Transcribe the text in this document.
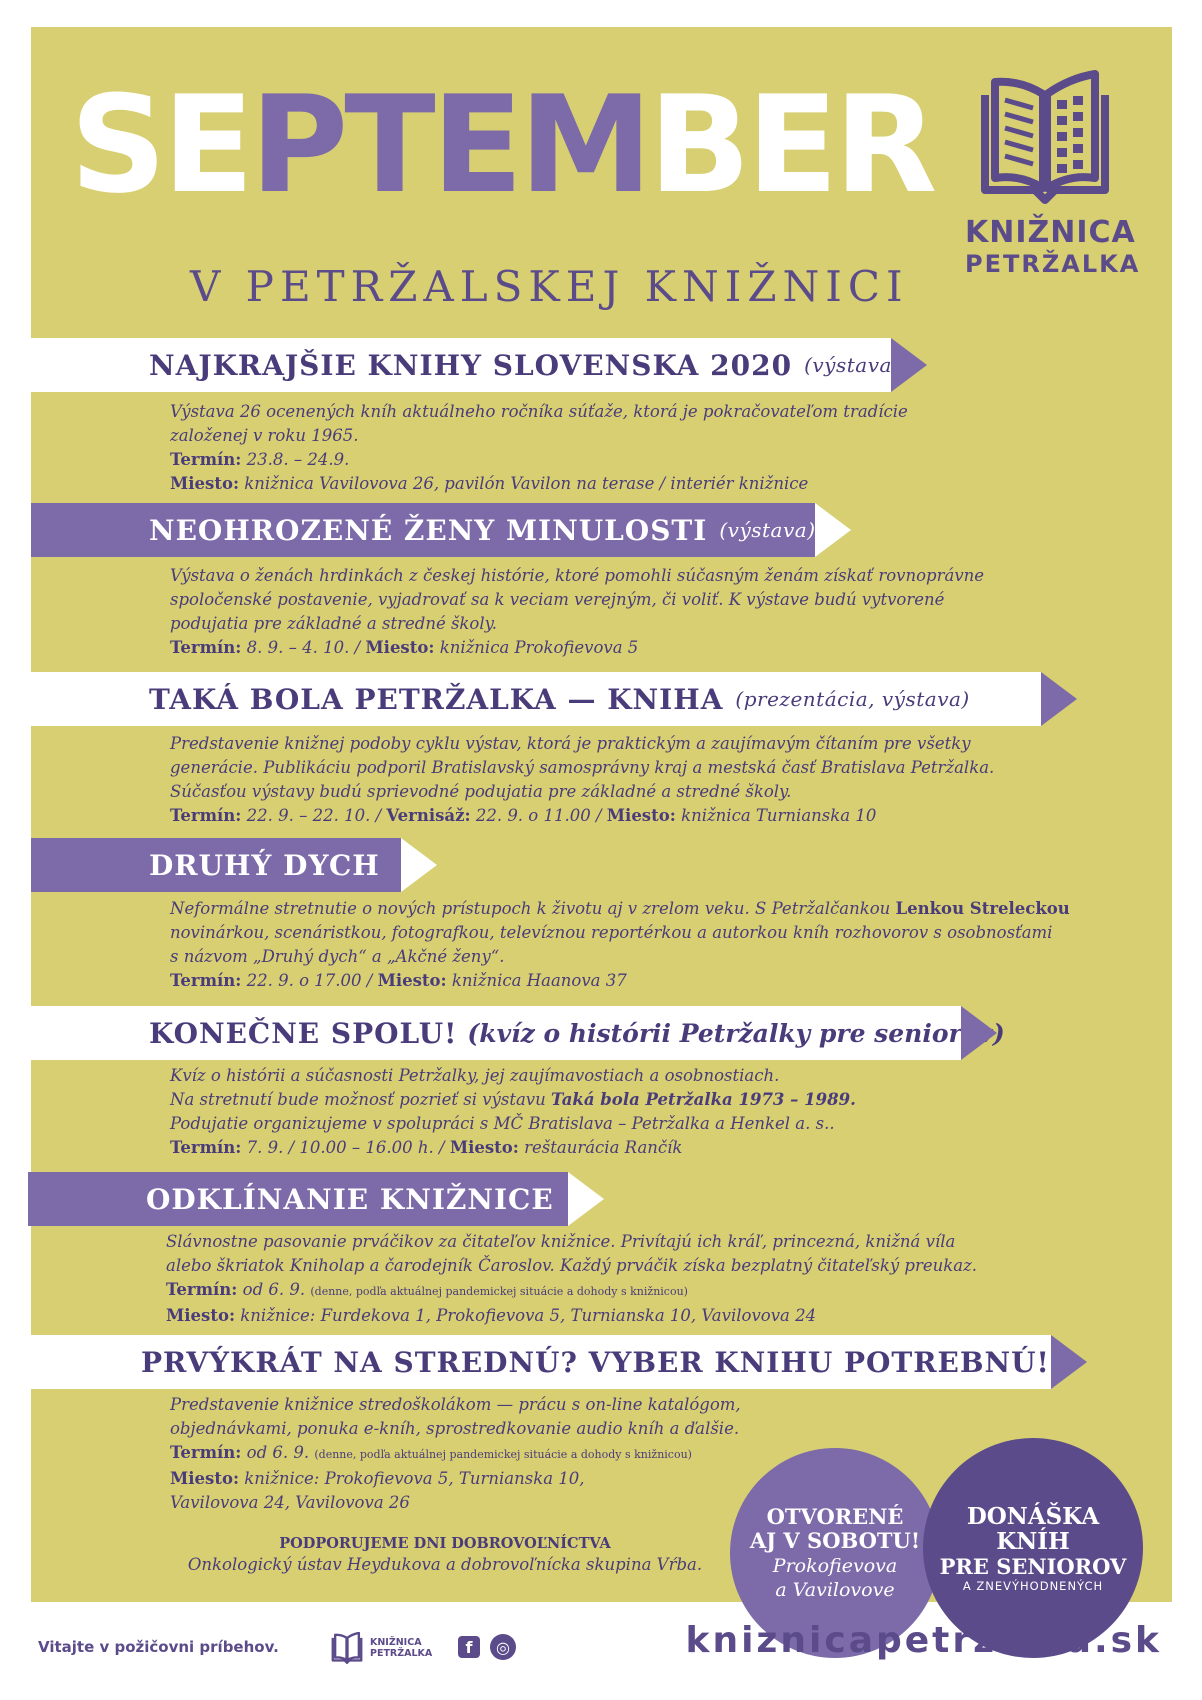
SEPTEMBER
V PETRŽALSKEJ KNIŽNICI
KNIŽNICA
PETRŽALKA
NAJKRAJŠIE KNIHY SLOVENSKA 2020 (výstava)
Výstava 26 ocenených kníh aktuálneho ročníka súťaže, ktorá je pokračovateľom tradície
založenej v roku 1965.
Termín: 23.8. – 24.9.
Miesto: knižnica Vavilovova 26, pavilón Vavilon na terase / interiér knižnice
NEOHROZENÉ ŽENY MINULOSTI (výstava)
Výstava o ženách hrdinkách z českej histórie, ktoré pomohli súčasným ženám získať rovnoprávne
spoločenské postavenie, vyjadrovať sa k veciam verejným, či voliť. K výstave budú vytvorené
podujatia pre základné a stredné školy.
Termín: 8. 9. – 4. 10. / Miesto: knižnica Prokofievova 5
TAKÁ BOLA PETRŽALKA — KNIHA (prezentácia, výstava)
Predstavenie knižnej podoby cyklu výstav, ktorá je praktickým a zaujímavým čítaním pre všetky
generácie. Publikáciu podporil Bratislavský samosprávny kraj a mestská časť Bratislava Petržalka.
Súčasťou výstavy budú sprievodné podujatia pre základné a stredné školy.
Termín: 22. 9. – 22. 10. / Vernisáž: 22. 9. o 11.00 / Miesto: knižnica Turnianska 10
DRUHÝ DYCH
Neformálne stretnutie o nových prístupoch k životu aj v zrelom veku. S Petržalčankou Lenkou Streleckou
novinárkou, scenáristkou, fotografkou, televíznou reportérkou a autorkou kníh rozhovorov s osobnosťami
s názvom „Druhý dych“ a „Akčné ženy“.
Termín: 22. 9. o 17.00 / Miesto: knižnica Haanova 37
KONEČNE SPOLU! (kvíz o histórii Petržalky pre seniorov)
Kvíz o histórii a súčasnosti Petržalky, jej zaujímavostiach a osobnostiach.
Na stretnutí bude možnosť pozrieť si výstavu Taká bola Petržalka 1973 – 1989.
Podujatie organizujeme v spolupráci s MČ Bratislava – Petržalka a Henkel a. s..
Termín: 7. 9. / 10.00 – 16.00 h. / Miesto: reštaurácia Rančík
ODKLÍNANIE KNIŽNICE
Slávnostne pasovanie prváčikov za čitateľov knižnice. Privítajú ich kráľ, princezná, knižná víla
alebo škriatok Kniholap a čarodejník Čaroslov. Každý prváčik získa bezplatný čitateľský preukaz.
Termín: od 6. 9. (denne, podľa aktuálnej pandemickej situácie a dohody s knižnicou)
Miesto: knižnice: Furdekova 1, Prokofievova 5, Turnianska 10, Vavilovova 24
PRVÝKRÁT NA STREDNÚ? VYBER KNIHU POTREBNÚ!
Predstavenie knižnice stredoškolákom — prácu s on-line katalógom,
objednávkami, ponuka e-kníh, sprostredkovanie audio kníh a ďalšie.
Termín: od 6. 9. (denne, podľa aktuálnej pandemickej situácie a dohody s knižnicou)
Miesto: knižnice: Prokofievova 5, Turnianska 10,
Vavilovova 24, Vavilovova 26
PODPORUJEME DNI DOBROVOĽNÍCTVA
Onkologický ústav Heydukova a dobrovoľnícka skupina Vŕba.
OTVORENÉ
AJ V SOBOTU!
Prokofievova
a Vavilovove
DONÁŠKA
KNÍH
PRE SENIOROV
A ZNEVÝHODNENÝCH
Vitajte v požičovni príbehov.	KNIŽNICA
PETRŽALKA	f	◎	kniznicapetrzalka.sk
